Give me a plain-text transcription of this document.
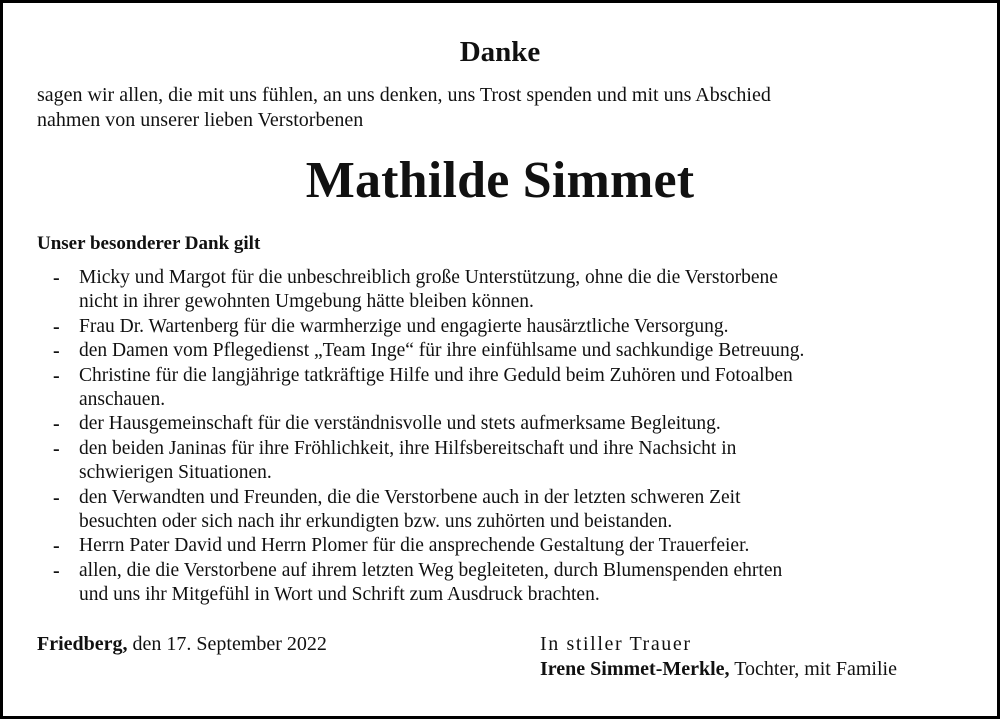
Danke
sagen wir allen, die mit uns fühlen, an uns denken, uns Trost spenden und mit uns Abschied
nahmen von unserer lieben Verstorbenen
Mathilde Simmet
Unser besonderer Dank gilt
- Micky und Margot für die unbeschreiblich große Unterstützung, ohne die die Verstorbene
nicht in ihrer gewohnten Umgebung hätte bleiben können.
- Frau Dr. Wartenberg für die warmherzige und engagierte hausärztliche Versorgung.
- den Damen vom Pflegedienst „Team Inge“ für ihre einfühlsame und sachkundige Betreuung.
- Christine für die langjährige tatkräftige Hilfe und ihre Geduld beim Zuhören und Fotoalben
anschauen.
- der Hausgemeinschaft für die verständnisvolle und stets aufmerksame Begleitung.
- den beiden Janinas für ihre Fröhlichkeit, ihre Hilfsbereitschaft und ihre Nachsicht in
schwierigen Situationen.
- den Verwandten und Freunden, die die Verstorbene auch in der letzten schweren Zeit
besuchten oder sich nach ihr erkundigten bzw. uns zuhörten und beistanden.
- Herrn Pater David und Herrn Plomer für die ansprechende Gestaltung der Trauerfeier.
- allen, die die Verstorbene auf ihrem letzten Weg begleiteten, durch Blumenspenden ehrten
und uns ihr Mitgefühl in Wort und Schrift zum Ausdruck brachten.
Friedberg, den 17. September 2022	In stiller Trauer
Irene Simmet-Merkle, Tochter, mit Familie
